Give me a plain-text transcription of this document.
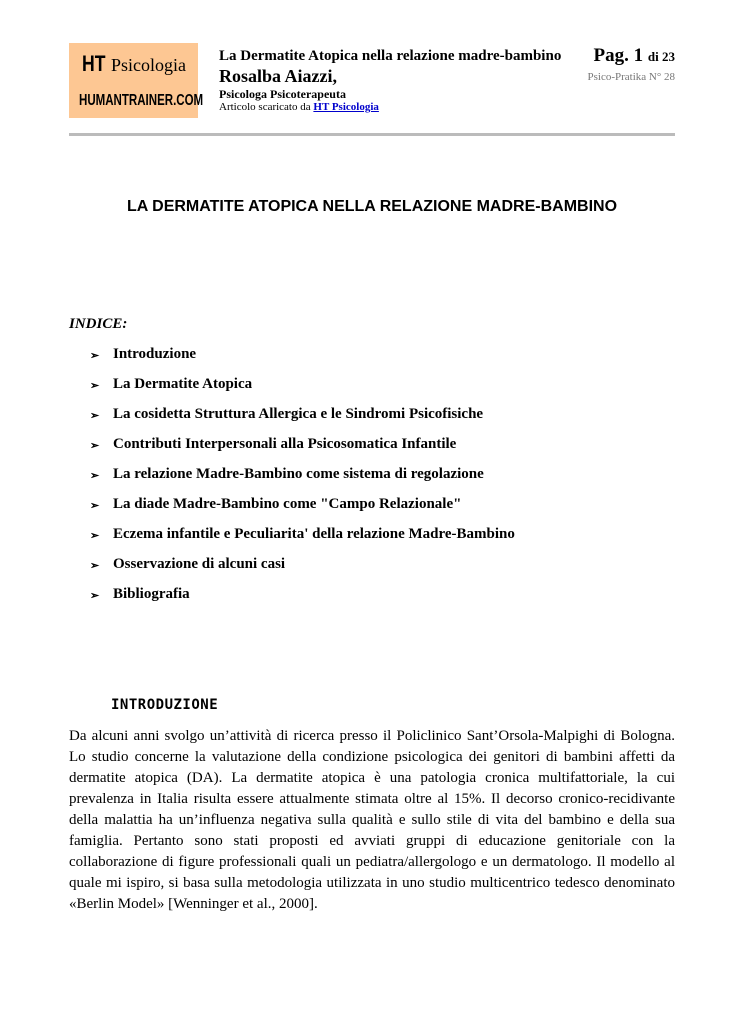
HT Psicologia
HUMANTRAINER.COM
La Dermatite Atopica nella relazione madre-bambino
Rosalba Aiazzi,
Psicologa Psicoterapeuta
Articolo scaricato da HT Psicologia
Pag. 1 di 23
Psico-Pratika N° 28
LA DERMATITE ATOPICA NELLA RELAZIONE MADRE-BAMBINO
INDICE:
➢ Introduzione
➢ La Dermatite Atopica
➢ La cosidetta Struttura Allergica e le Sindromi Psicofisiche
➢ Contributi Interpersonali alla Psicosomatica Infantile
➢ La relazione Madre-Bambino come sistema di regolazione
➢ La diade Madre-Bambino come "Campo Relazionale"
➢ Eczema infantile e Peculiarita' della relazione Madre-Bambino
➢ Osservazione di alcuni casi
➢ Bibliografia
INTRODUZIONE

Da alcuni anni svolgo un’attività di ricerca presso il Policlinico Sant’Orsola-Malpighi di Bologna. Lo studio concerne la valutazione della condizione psicologica dei genitori di bambini affetti da dermatite atopica (DA). La dermatite atopica è una patologia cronica multifattoriale, la cui prevalenza in Italia risulta essere attualmente stimata oltre al 15%. Il decorso cronico-recidivante della malattia ha un’influenza negativa sulla qualità e sullo stile di vita del bambino e della sua famiglia. Pertanto sono stati proposti ed avviati gruppi di educazione genitoriale con la collaborazione di figure professionali quali un pediatra/allergologo e un dermatologo. Il modello al quale mi ispiro, si basa sulla metodologia utilizzata in uno studio multicentrico tedesco denominato «Berlin Model» [Wenninger et al., 2000].
